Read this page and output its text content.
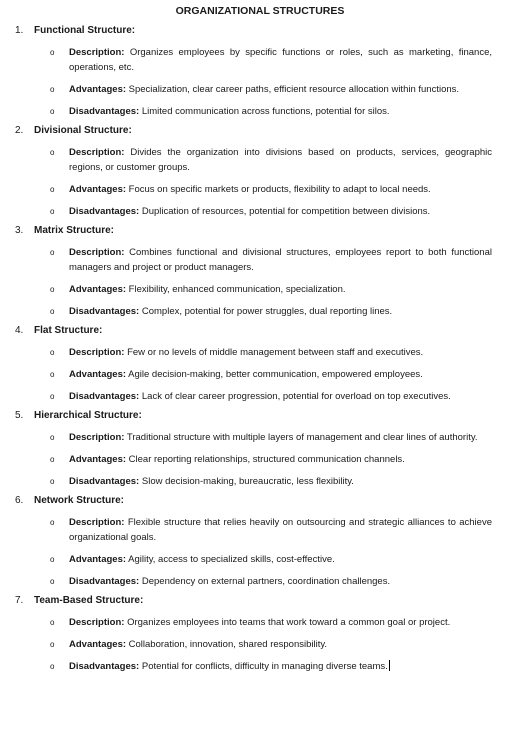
ORGANIZATIONAL STRUCTURES
1.	Functional Structure:
o Description: Organizes employees by specific functions or roles, such as marketing, finance, operations, etc.
o Advantages: Specialization, clear career paths, efficient resource allocation within functions.
o Disadvantages: Limited communication across functions, potential for silos.
2.	Divisional Structure:
o Description: Divides the organization into divisions based on products, services, geographic regions, or customer groups.
o Advantages: Focus on specific markets or products, flexibility to adapt to local needs.
o Disadvantages: Duplication of resources, potential for competition between divisions.
3.	Matrix Structure:
o Description: Combines functional and divisional structures, employees report to both functional managers and project or product managers.
o Advantages: Flexibility, enhanced communication, specialization.
o Disadvantages: Complex, potential for power struggles, dual reporting lines.
4.	Flat Structure:
o Description: Few or no levels of middle management between staff and executives.
o Advantages: Agile decision-making, better communication, empowered employees.
o Disadvantages: Lack of clear career progression, potential for overload on top executives.
5.	Hierarchical Structure:
o Description: Traditional structure with multiple layers of management and clear lines of authority.
o Advantages: Clear reporting relationships, structured communication channels.
o Disadvantages: Slow decision-making, bureaucratic, less flexibility.
6.	Network Structure:
o Description: Flexible structure that relies heavily on outsourcing and strategic alliances to achieve organizational goals.
o Advantages: Agility, access to specialized skills, cost-effective.
o Disadvantages: Dependency on external partners, coordination challenges.
7.	Team-Based Structure:
o Description: Organizes employees into teams that work toward a common goal or project.
o Advantages: Collaboration, innovation, shared responsibility.
o Disadvantages: Potential for conflicts, difficulty in managing diverse teams.
